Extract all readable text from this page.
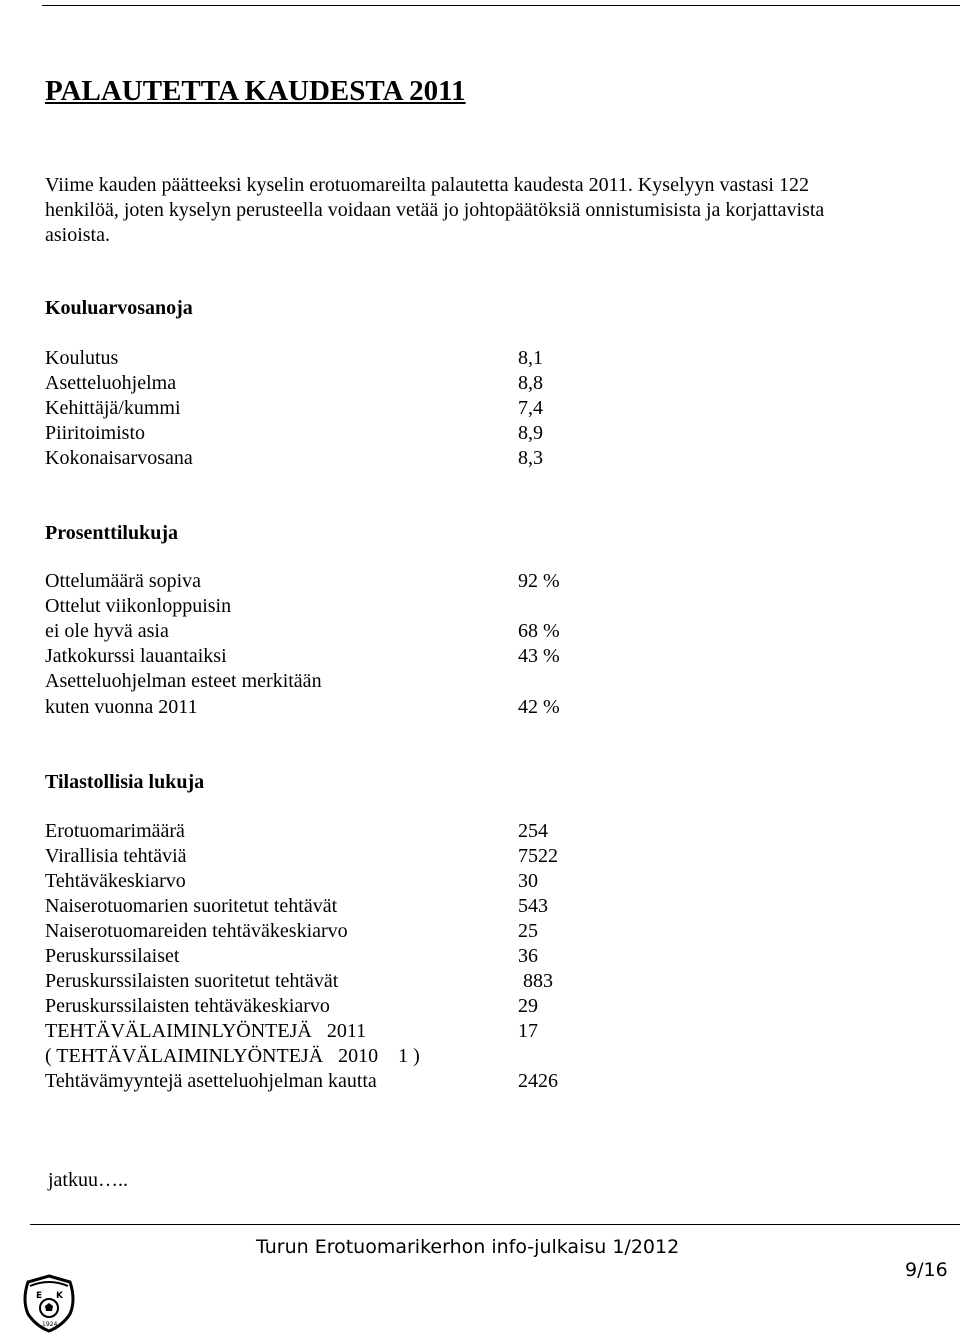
PALAUTETTA KAUDESTA 2011

Viime kauden päätteeksi kyselin erotuomareilta palautetta kaudesta 2011. Kyselyyn vastasi 122

henkilöä, joten kyselyn perusteella voidaan vetää jo johtopäätöksiä onnistumisista ja korjattavista

asioista.

Kouluarvosanoja
Koulutus	8,1
Asetteluohjelma	8,8
Kehittäjä/kummi	7,4
Piiritoimisto	8,9
Kokonaisarvosana	8,3
Prosenttilukuja
Ottelumäärä sopiva	92 %
Ottelut viikonloppuisin
ei ole hyvä asia	68 %
Jatkokurssi lauantaiksi	43 %
Asetteluohjelman esteet merkitään
kuten vuonna 2011	42 %
Tilastollisia lukuja
Erotuomarimäärä	254
Virallisia tehtäviä	7522
Tehtäväkeskiarvo	30
Naiserotuomarien suoritetut tehtävät	543
Naiserotuomareiden tehtäväkeskiarvo	25
Peruskurssilaiset	36
Peruskurssilaisten suoritetut tehtävät	883
Peruskurssilaisten tehtäväkeskiarvo	29
TEHTÄVÄLAIMINLYÖNTEJÄ   2011	17
( TEHTÄVÄLAIMINLYÖNTEJÄ   2010    1 )
Tehtävämyyntejä asetteluohjelman kautta	2426
jatkuu…..
Turun Erotuomarikerhon info-julkaisu 1/2012
9/16
E K
1924
